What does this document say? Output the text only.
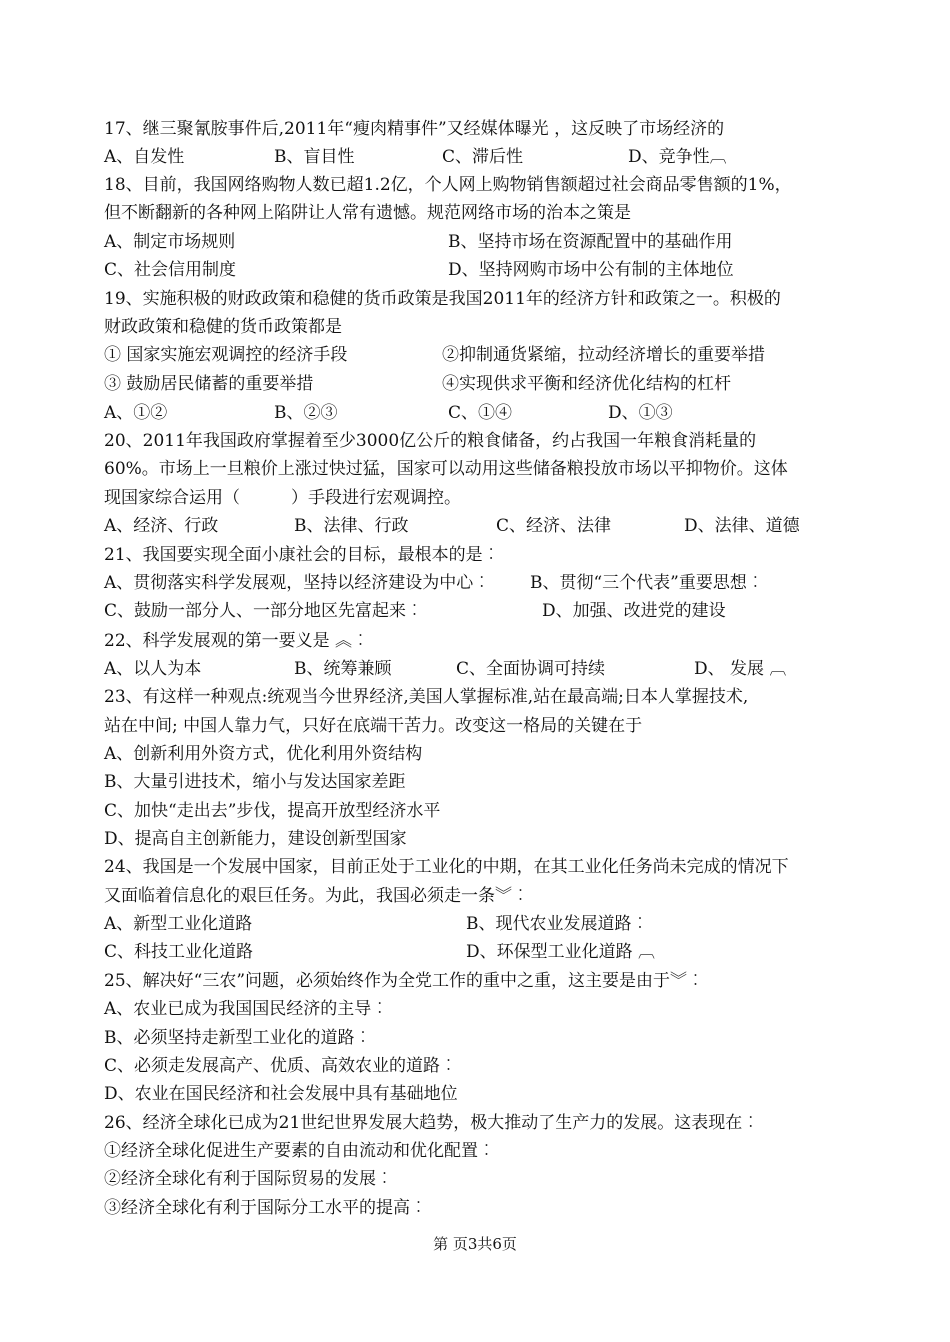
17、继三聚氰胺事件后,2011年“瘦肉精事件”又经媒体曝光 ，这反映了市场经济的
A、自发性	B、盲目性	C、滞后性	D、竞争性︹
18、目前，我国网络购物人数已超1.2亿，个人网上购物销售额超过社会商品零售额的1%，
但不断翻新的各种网上陷阱让人常有遗憾。规范网络市场的治本之策是
A、制定市场规则	B、坚持市场在资源配置中的基础作用
C、社会信用制度	D、坚持网购市场中公有制的主体地位
19、实施积极的财政政策和稳健的货币政策是我国2011年的经济方针和政策之一。积极的
财政政策和稳健的货币政策都是
① 国家实施宏观调控的经济手段	②抑制通货紧缩，拉动经济增长的重要举措
③ 鼓励居民储蓄的重要举措	④实现供求平衡和经济优化结构的杠杆
A、①②	B、②③	C、①④	D、①③
20、2011年我国政府掌握着至少3000亿公斤的粮食储备，约占我国一年粮食消耗量的
60%。市场上一旦粮价上涨过快过猛，国家可以动用这些储备粮投放市场以平抑物价。这体
现国家综合运用（　　　）手段进行宏观调控。
A、经济、行政	B、法律、行政	C、经济、法律	D、法律、道德
21、我国要实现全面小康社会的目标，最根本的是︰
A、贯彻落实科学发展观，坚持以经济建设为中心︰ B、贯彻“三个代表”重要思想︰
C、鼓励一部分人、一部分地区先富起来︰	D、加强、改进党的建设
22、科学发展观的第一要义是 ︽︰
A、以人为本	B、统筹兼顾	C、全面协调可持续	D、 发展 ︹
23、有这样一种观点:统观当今世界经济,美国人掌握标准,站在最高端;日本人掌握技术,
站在中间; 中国人靠力气，只好在底端干苦力。改变这一格局的关键在于
A、创新利用外资方式，优化利用外资结构
B、大量引进技术，缩小与发达国家差距
C、加快“走出去”步伐，提高开放型经济水平
D、提高自主创新能力，建设创新型国家
24、我国是一个发展中国家，目前正处于工业化的中期，在其工业化任务尚未完成的情况下
又面临着信息化的艰巨任务。为此，我国必须走一条︾︰
A、新型工业化道路	B、现代农业发展道路︰
C、科技工业化道路	D、环保型工业化道路 ︹
25、解决好“三农”问题，必须始终作为全党工作的重中之重，这主要是由于︾︰
A、农业已成为我国国民经济的主导︰
B、必须坚持走新型工业化的道路︰
C、必须走发展高产、优质、高效农业的道路︰
D、农业在国民经济和社会发展中具有基础地位
26、经济全球化已成为21世纪世界发展大趋势，极大推动了生产力的发展。这表现在︰
①经济全球化促进生产要素的自由流动和优化配置︰
②经济全球化有利于国际贸易的发展︰
③经济全球化有利于国际分工水平的提高︰
第 页3共6页
